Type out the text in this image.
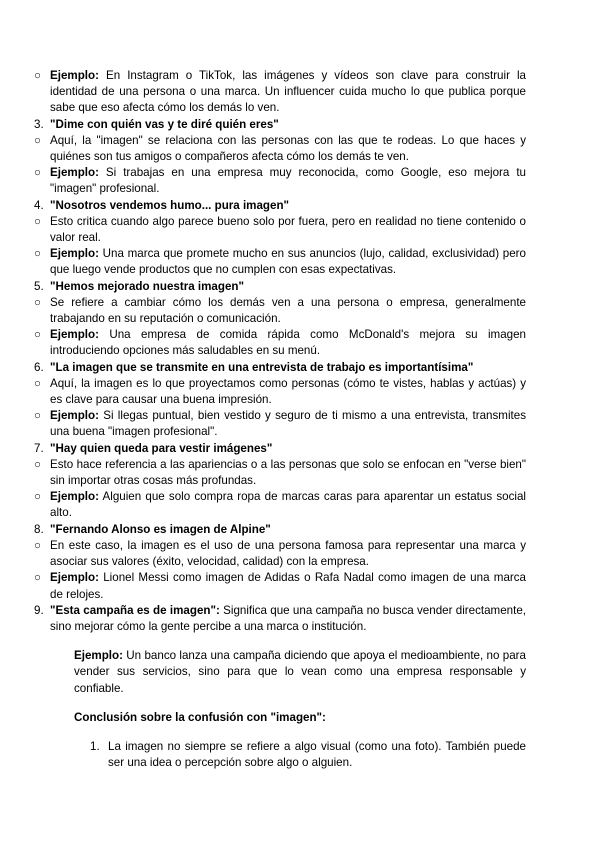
○ Ejemplo: En Instagram o TikTok, las imágenes y vídeos son clave para construir la identidad de una persona o una marca. Un influencer cuida mucho lo que publica porque sabe que eso afecta cómo los demás lo ven.
3. "Dime con quién vas y te diré quién eres"
○ Aquí, la "imagen" se relaciona con las personas con las que te rodeas. Lo que haces y quiénes son tus amigos o compañeros afecta cómo los demás te ven.
○ Ejemplo: Si trabajas en una empresa muy reconocida, como Google, eso mejora tu "imagen" profesional.
4. "Nosotros vendemos humo... pura imagen"
○ Esto critica cuando algo parece bueno solo por fuera, pero en realidad no tiene contenido o valor real.
○ Ejemplo: Una marca que promete mucho en sus anuncios (lujo, calidad, exclusividad) pero que luego vende productos que no cumplen con esas expectativas.
5. "Hemos mejorado nuestra imagen"
○ Se refiere a cambiar cómo los demás ven a una persona o empresa, generalmente trabajando en su reputación o comunicación.
○ Ejemplo: Una empresa de comida rápida como McDonald's mejora su imagen introduciendo opciones más saludables en su menú.
6. "La imagen que se transmite en una entrevista de trabajo es importantísima"
○ Aquí, la imagen es lo que proyectamos como personas (cómo te vistes, hablas y actúas) y es clave para causar una buena impresión.
○ Ejemplo: Si llegas puntual, bien vestido y seguro de ti mismo a una entrevista, transmites una buena "imagen profesional".
7. "Hay quien queda para vestir imágenes"
○ Esto hace referencia a las apariencias o a las personas que solo se enfocan en "verse bien" sin importar otras cosas más profundas.
○ Ejemplo: Alguien que solo compra ropa de marcas caras para aparentar un estatus social alto.
8. "Fernando Alonso es imagen de Alpine"
○ En este caso, la imagen es el uso de una persona famosa para representar una marca y asociar sus valores (éxito, velocidad, calidad) con la empresa.
○ Ejemplo: Lionel Messi como imagen de Adidas o Rafa Nadal como imagen de una marca de relojes.
9. "Esta campaña es de imagen": Significa que una campaña no busca vender directamente, sino mejorar cómo la gente percibe a una marca o institución.
Ejemplo: Un banco lanza una campaña diciendo que apoya el medioambiente, no para vender sus servicios, sino para que lo vean como una empresa responsable y confiable.
Conclusión sobre la confusión con "imagen":
1. La imagen no siempre se refiere a algo visual (como una foto). También puede ser una idea o percepción sobre algo o alguien.
